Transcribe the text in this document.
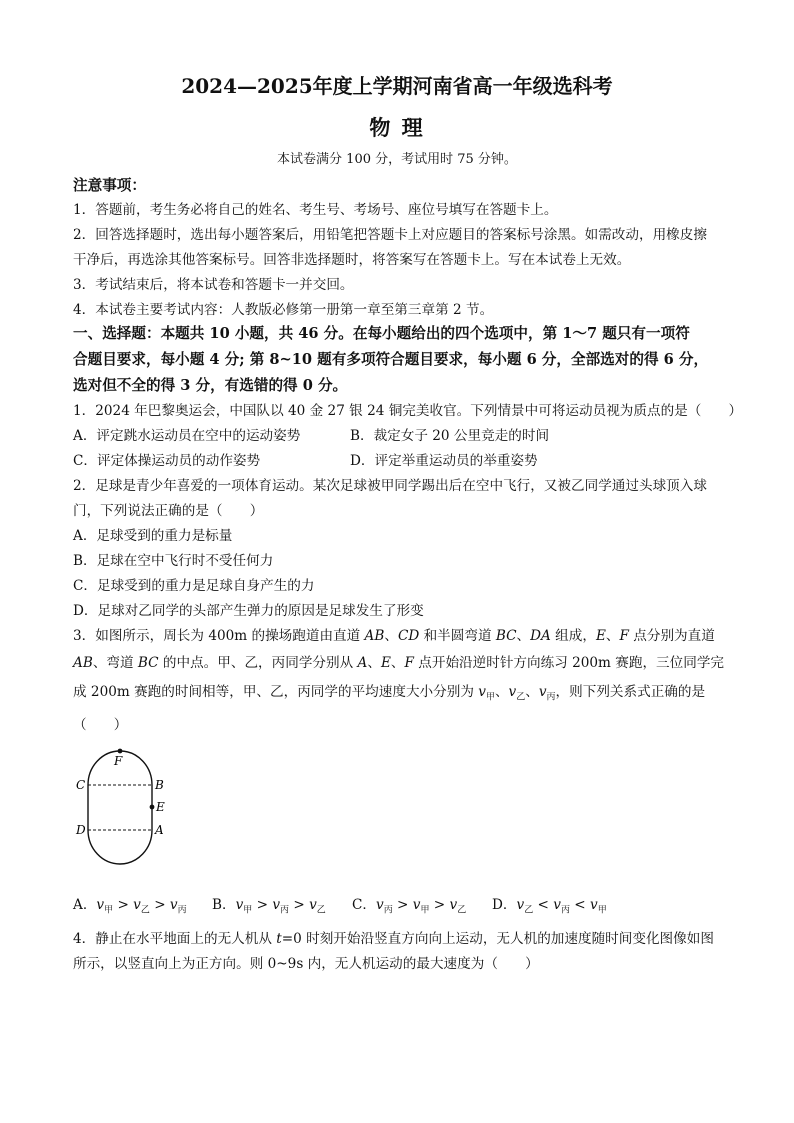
2024—2025年度上学期河南省高一年级选科考
物 理
本试卷满分 100 分，考试用时 75 分钟。
注意事项：
1．答题前，考生务必将自己的姓名、考生号、考场号、座位号填写在答题卡上。
2．回答选择题时，选出每小题答案后，用铅笔把答题卡上对应题目的答案标号涂黑。如需改动，用橡皮擦
干净后，再选涂其他答案标号。回答非选择题时，将答案写在答题卡上。写在本试卷上无效。
3．考试结束后，将本试卷和答题卡一并交回。
4．本试卷主要考试内容：人教版必修第一册第一章至第三章第 2 节。
一、选择题：本题共 10 小题，共 46 分。在每小题给出的四个选项中，第 1～7 题只有一项符
合题目要求，每小题 4 分; 第 8~10 题有多项符合题目要求，每小题 6 分，全部选对的得 6 分，
选对但不全的得 3 分，有选错的得 0 分。
1．2024 年巴黎奥运会，中国队以 40 金 27 银 24 铜完美收官。下列情景中可将运动员视为质点的是（　　）
A．评定跳水运动员在空中的运动姿势	B．裁定女子 20 公里竞走的时间
C．评定体操运动员的动作姿势	D．评定举重运动员的举重姿势
2．足球是青少年喜爱的一项体育运动。某次足球被甲同学踢出后在空中飞行，又被乙同学通过头球顶入球
门，下列说法正确的是（　　）
A．足球受到的重力是标量
B．足球在空中飞行时不受任何力
C．足球受到的重力是足球自身产生的力
D．足球对乙同学的头部产生弹力的原因是足球发生了形变
3．如图所示，周长为 400m 的操场跑道由直道 AB、CD 和半圆弯道 BC、DA 组成，E、F 点分别为直道
AB、弯道 BC 的中点。甲、乙，丙同学分别从 A、E、F 点开始沿逆时针方向练习 200m 赛跑，三位同学完
成 200m 赛跑的时间相等，甲、乙，丙同学的平均速度大小分别为 $v_甲$、$v_乙$、$v_丙$，则下列关系式正确的是
（　　）
F
C	B
E
D	A
A．$v_甲 > v_乙 > v_丙$ B．$v_甲 > v_丙 > v_乙$ C．$v_丙 > v_甲 > v_乙$ D．$v_乙 < v_丙 < v_甲$
4．静止在水平地面上的无人机从 t=0 时刻开始沿竖直方向向上运动，无人机的加速度随时间变化图像如图
所示，以竖直向上为正方向。则 0~9s 内，无人机运动的最大速度为（　　）
